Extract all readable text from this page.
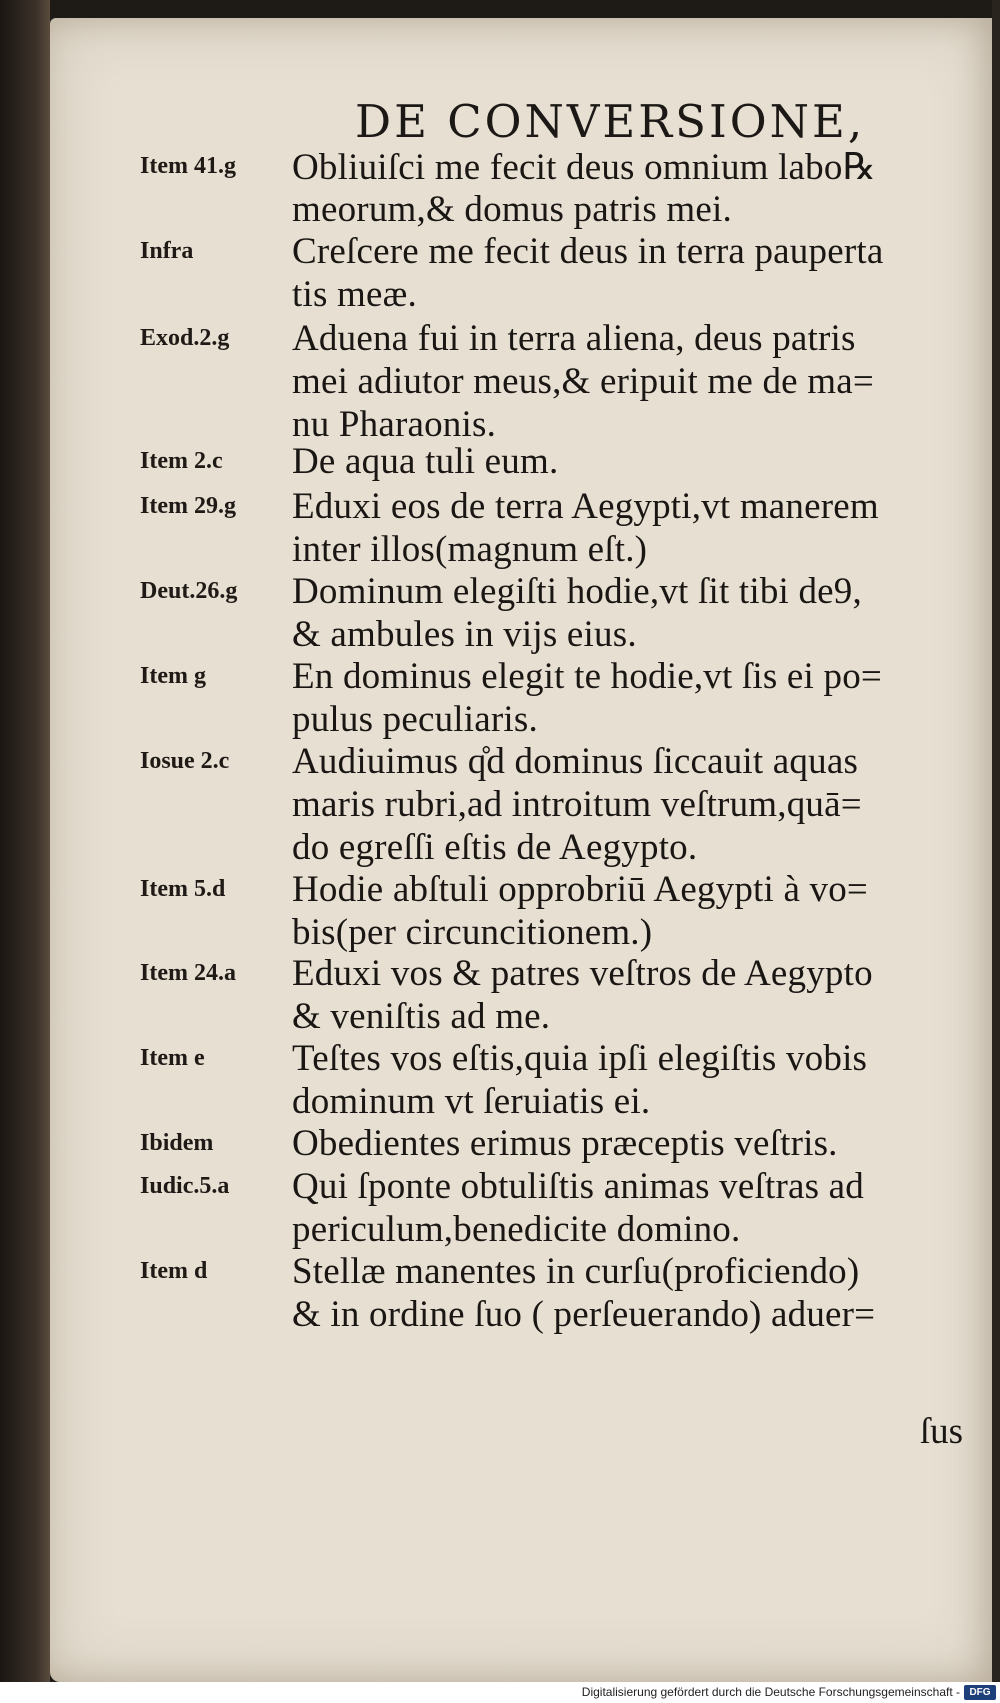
DE CONVERSIONE,
Item 41.g Obliuiſci me fecit deus omnium labo℞
meorum,& domus patris mei.
Infra	Creſcere me fecit deus in terra pauperta
tis meæ.
Exod.2.g Aduena fui in terra aliena, deus patris
mei adiutor meus,& eripuit me de ma=
nu Pharaonis.
Item 2.c De aqua tuli eum.
Item 29.g Eduxi eos de terra Aegypti,vt manerem
inter illos(magnum eſt.)
Deut.26.g Dominum elegiſti hodie,vt ſit tibi de9,
& ambules in vijs eius.
Item g En dominus elegit te hodie,vt ſis ei po=
pulus peculiaris.
Iosue 2.c Audiuimus q̊d dominus ſiccauit aquas
maris rubri,ad introitum veſtrum,quā=
do egreſſi eſtis de Aegypto.
Item 5.d Hodie abſtuli opprobriū Aegypti à vo=
bis(per circuncitionem.)
Item 24.a Eduxi vos & patres veſtros de Aegypto
& veniſtis ad me.
Item e Teſtes vos eſtis,quia ipſi elegiſtis vobis
dominum vt ſeruiatis ei.
Ibidem Obedientes erimus præceptis veſtris.
Iudic.5.a Qui ſponte obtuliſtis animas veſtras ad
periculum,benedicite domino.
Item d Stellæ manentes in curſu(proficiendo)
& in ordine ſuo ( perſeuerando) aduer=
ſus
Digitalisierung gefördert durch die Deutsche Forschungsgemeinschaft - DFG
